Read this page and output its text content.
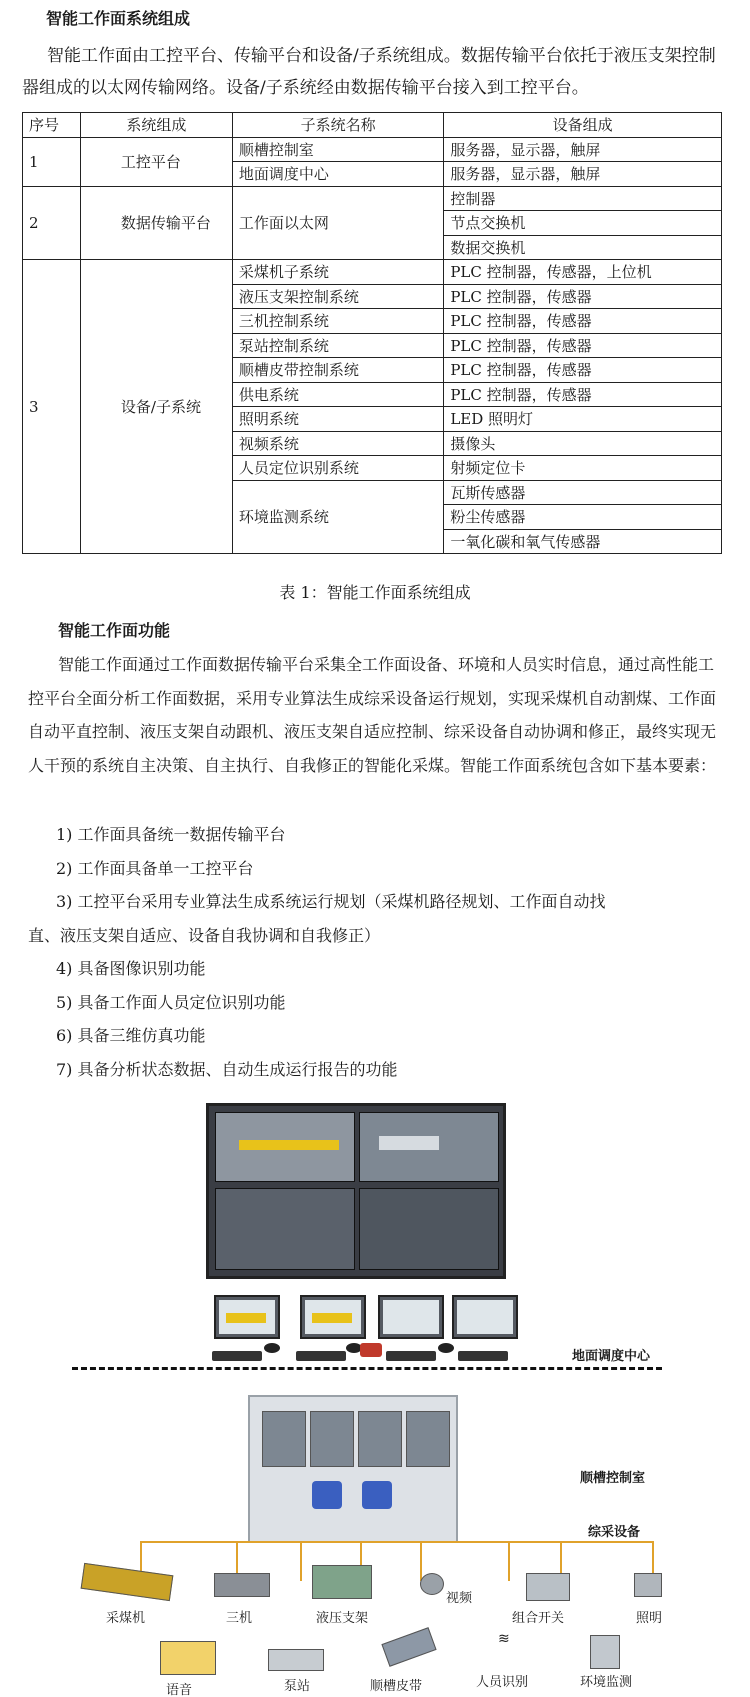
智能工作面系统组成
智能工作面由工控平台、传输平台和设备/子系统组成。数据传输平台依托于液压支架控制器组成的以太网传输网络。设备/子系统经由数据传输平台接入到工控平台。
序号	系统组成	子系统名称	设备组成
1	工控平台	顺槽控制室	服务器，显示器，触屏
		地面调度中心	服务器，显示器，触屏
2	数据传输平台	工作面以太网	控制器
			节点交换机
			数据交换机
3	设备/子系统	采煤机子系统	PLC 控制器，传感器，上位机
		液压支架控制系统	PLC 控制器，传感器
		三机控制系统	PLC 控制器，传感器
		泵站控制系统	PLC 控制器，传感器
		顺槽皮带控制系统	PLC 控制器，传感器
		供电系统	PLC 控制器，传感器
		照明系统	LED 照明灯
		视频系统	摄像头
		人员定位识别系统	射频定位卡
		环境监测系统	瓦斯传感器
			粉尘传感器
			一氧化碳和氧气传感器
表 1：智能工作面系统组成
智能工作面功能
智能工作面通过工作面数据传输平台采集全工作面设备、环境和人员实时信息，通过高性能工控平台全面分析工作面数据，采用专业算法生成综采设备运行规划，实现采煤机自动割煤、工作面自动平直控制、液压支架自动跟机、液压支架自适应控制、综采设备自动协调和修正，最终实现无人干预的系统自主决策、自主执行、自我修正的智能化采煤。智能工作面系统包含如下基本要素：
1) 工作面具备统一数据传输平台
2) 工作面具备单一工控平台
3) 工控平台采用专业算法生成系统运行规划（采煤机路径规划、工作面自动找
直、液压支架自适应、设备自我协调和自我修正）
4) 具备图像识别功能
5) 具备工作面人员定位识别功能
6) 具备三维仿真功能
7) 具备分析状态数据、自动生成运行报告的功能
地面调度中心
顺槽控制室
综采设备
≋
采煤机	三机	液压支架
视频
组合开关	照明
语音	泵站	顺槽皮带	人员识别	环境监测
